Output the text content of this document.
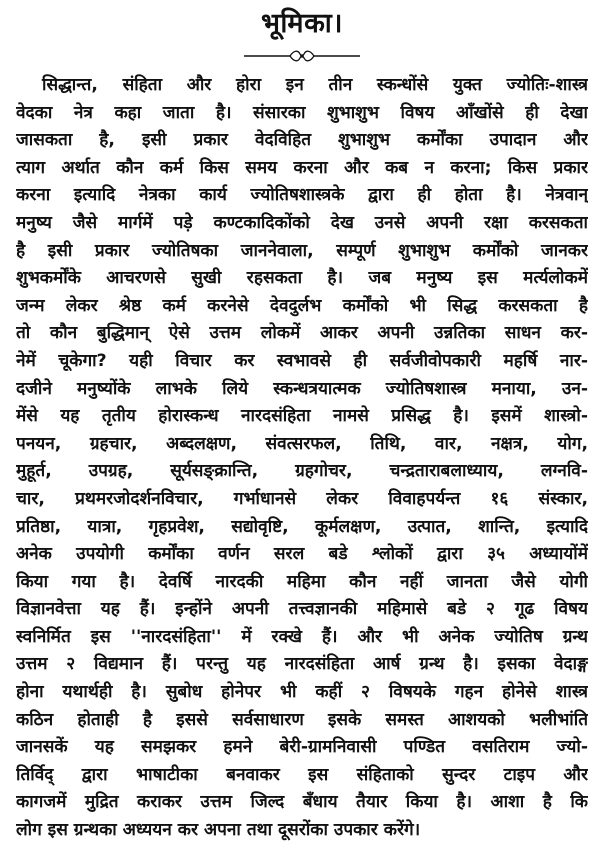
भूमिका।
सिद्धान्त, संहिता और होरा इन तीन स्कन्धोंसे युक्त ज्योतिः-शास्त्र
वेदका नेत्र कहा जाता है। संसारका शुभाशुभ विषय आँखोंसे ही देखा
जासकता है, इसी प्रकार वेदविहित शुभाशुभ कर्मोंका उपादान और
त्याग अर्थात कौन कर्म किस समय करना और कब न करना; किस प्रकार
करना इत्यादि नेत्रका कार्य ज्योतिषशास्त्रके द्वारा ही होता है। नेत्रवान्
मनुष्य जैसे मार्गमें पड़े कण्टकादिकोंको देख उनसे अपनी रक्षा करसकता
है इसी प्रकार ज्योतिषका जाननेवाला, सम्पूर्ण शुभाशुभ कर्मोंको जानकर
शुभकर्मोंके आचरणसे सुखी रहसकता है। जब मनुष्य इस मर्त्यलोकमें
जन्म लेकर श्रेष्ठ कर्म करनेसे देवदुर्लभ कर्मोंको भी सिद्ध करसकता है
तो कौन बुद्धिमान् ऐसे उत्तम लोकमें आकर अपनी उन्नतिका साधन कर-
नेमें चूकेगा? यही विचार कर स्वभावसे ही सर्वजीवोपकारी महर्षि नार-
दजीने मनुष्योंके लाभके लिये स्कन्धत्रयात्मक ज्योतिषशास्त्र मनाया, उन-
मेंसे यह तृतीय होरास्कन्ध नारदसंहिता नामसे प्रसिद्ध है। इसमें शास्त्रो-
पनयन, ग्रहचार, अब्दलक्षण, संवत्सरफल, तिथि, वार, नक्षत्र, योग,
मुहूर्त, उपग्रह, सूर्यसङ्क्रान्ति, ग्रहगोचर, चन्द्रताराबलाध्याय, लग्नवि-
चार, प्रथमरजोदर्शनविचार, गर्भाधानसे लेकर विवाहपर्यन्त १६ संस्कार,
प्रतिष्ठा, यात्रा, गृहप्रवेश, सद्योवृष्टि, कूर्मलक्षण, उत्पात, शान्ति, इत्यादि
अनेक उपयोगी कर्मोंका वर्णन सरल बडे श्लोकों द्वारा ३५ अध्यायोंमें
किया गया है। देवर्षि नारदकी महिमा कौन नहीं जानता जैसे योगी
विज्ञानवेत्ता यह हैं। इन्होंने अपनी तत्त्वज्ञानकी महिमासे बडे २ गूढ विषय
स्वनिर्मित इस ''नारदसंहिता'' में रक्खे हैं। और भी अनेक ज्योतिष ग्रन्थ
उत्तम २ विद्यमान हैं। परन्तु यह नारदसंहिता आर्ष ग्रन्थ है। इसका वेदाङ्ग
होना यथार्थही है। सुबोध होनेपर भी कहीं २ विषयके गहन होनेसे शास्त्र
कठिन होताही है इससे सर्वसाधारण इसके समस्त आशयको भलीभांति
जानसकें यह समझकर हमने बेरी-ग्रामनिवासी पण्डित वसतिराम ज्यो-
तिर्विद् द्वारा भाषाटीका बनवाकर इस संहिताको सुन्दर टाइप और
कागजमें मुद्रित कराकर उत्तम जिल्द बँधाय तैयार किया है। आशा है कि
लोग इस ग्रन्थका अध्ययन कर अपना तथा दूसरोंका उपकार करेंगे।
